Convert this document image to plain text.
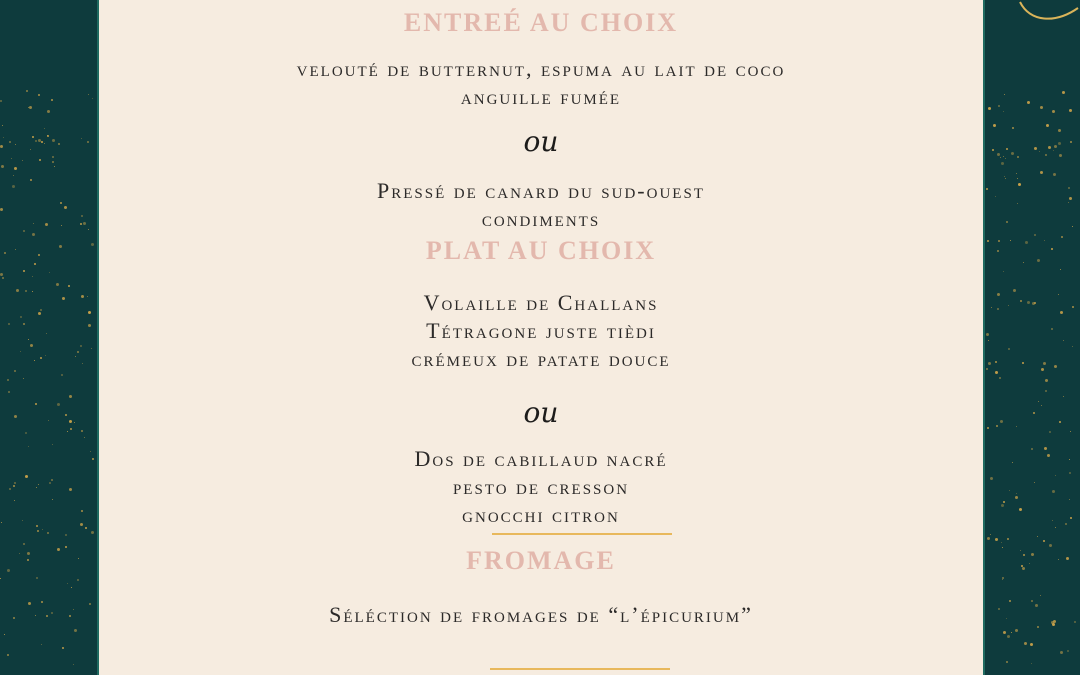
ENTREÉ AU CHOIX
velouté de butternut, espuma au lait de coco
anguille fumée
ou
Pressé de canard du sud-ouest
condiments
PLAT AU CHOIX
Volaille de Challans
Tétragone juste tièdi
crémeux de patate douce
ou
Dos de cabillaud nacré
pesto de cresson
gnocchi citron
FROMAGE
Séléction de fromages de “l’épicurium”
